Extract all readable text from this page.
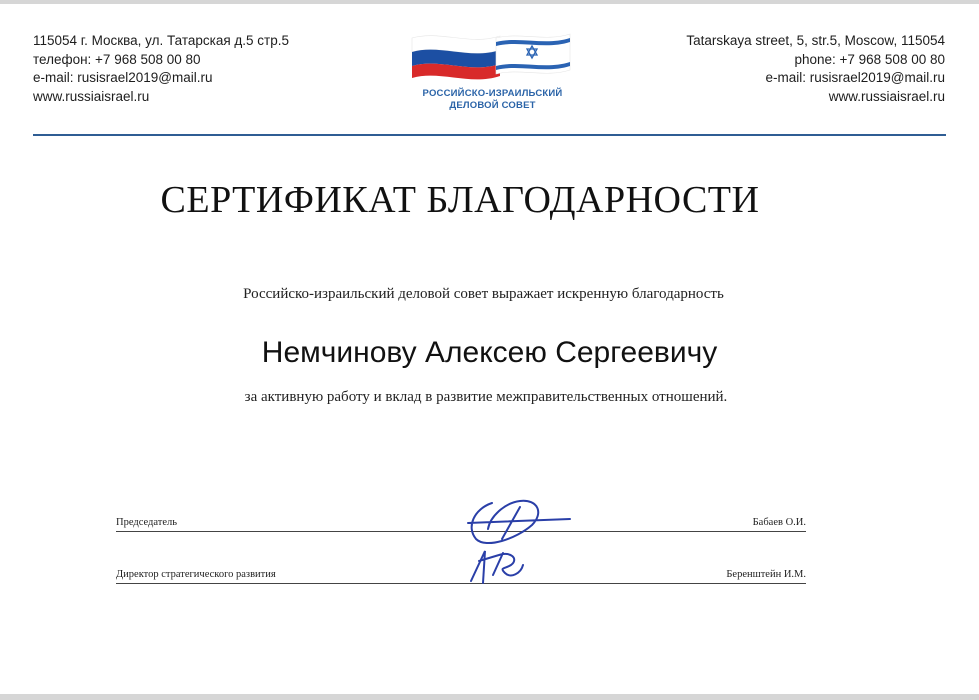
115054 г. Москва, ул. Татарская д.5 стр.5
телефон: +7 968 508 00 80
e-mail: rusisrael2019@mail.ru
www.russiaisrael.ru	РОССИЙСКО-ИЗРАИЛЬСКИЙ
ДЕЛОВОЙ СОВЕТ
Tatarskaya street, 5, str.5, Moscow, 115054
phone: +7 968 508 00 80
e-mail: rusisrael2019@mail.ru
www.russiaisrael.ru
СЕРТИФИКАТ БЛАГОДАРНОСТИ
Российско-израильский деловой совет выражает искренную благодарность
Немчинову Алексею Сергеевичу
за активную работу и вклад в развитие межправительственных отношений.
Председатель	Бабаев О.И.
Директор стратегического развития	Беренштейн И.М.
